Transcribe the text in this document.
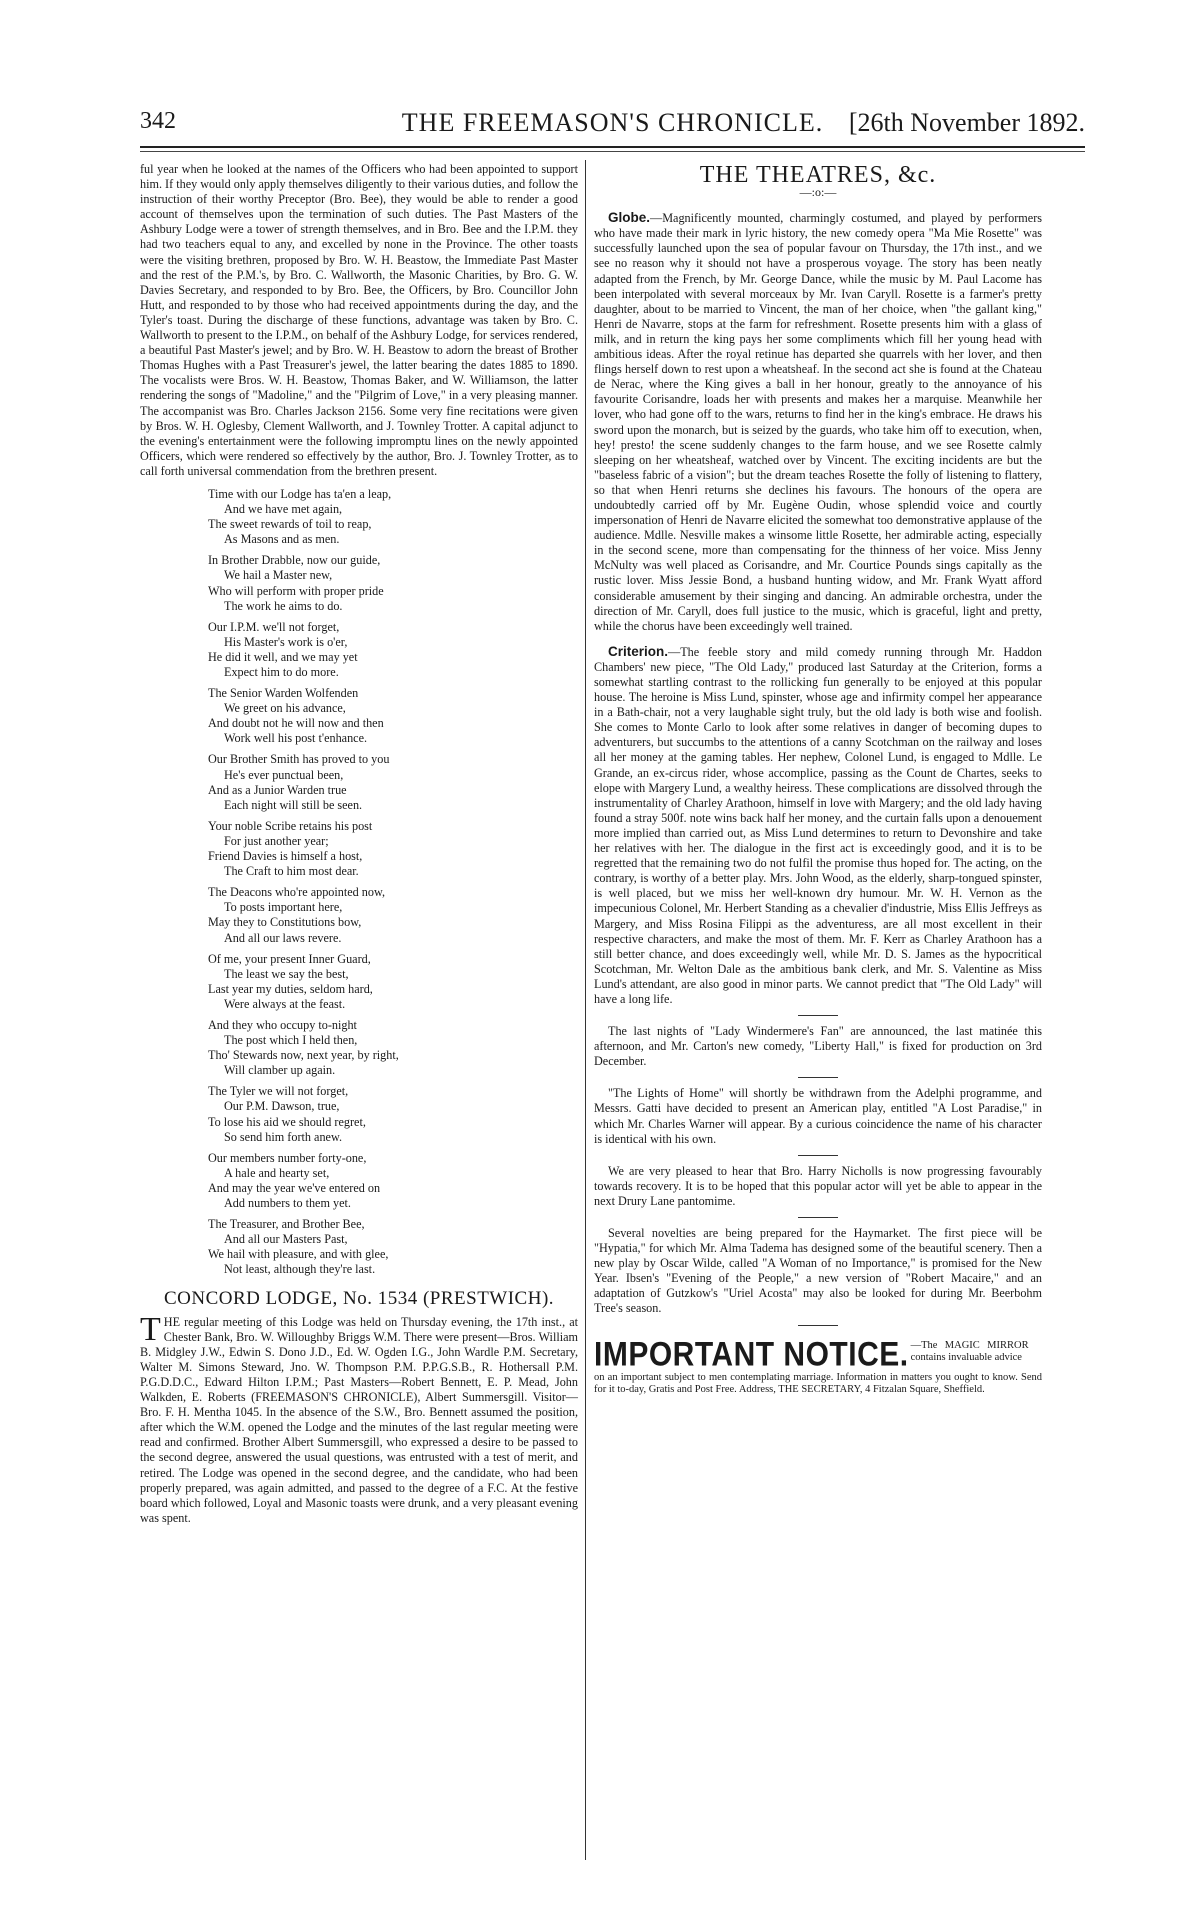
342	THE FREEMASON'S CHRONICLE. [26th November 1892.

ful year when he looked at the names of the Officers who had been appointed to support him. If they would only apply themselves diligently to their various duties, and follow the instruction of their worthy Preceptor (Bro. Bee), they would be able to render a good account of themselves upon the termination of such duties. The Past Masters of the Ashbury Lodge were a tower of strength themselves, and in Bro. Bee and the I.P.M. they had two teachers equal to any, and excelled by none in the Province. The other toasts were the visiting brethren, proposed by Bro. W. H. Beastow, the Immediate Past Master and the rest of the P.M.'s, by Bro. C. Wallworth, the Masonic Charities, by Bro. G. W. Davies Secretary, and responded to by Bro. Bee, the Officers, by Bro. Councillor John Hutt, and responded to by those who had received appointments during the day, and the Tyler's toast. During the discharge of these functions, advantage was taken by Bro. C. Wallworth to present to the I.P.M., on behalf of the Ashbury Lodge, for services rendered, a beautiful Past Master's jewel; and by Bro. W. H. Beastow to adorn the breast of Brother Thomas Hughes with a Past Treasurer's jewel, the latter bearing the dates 1885 to 1890. The vocalists were Bros. W. H. Beastow, Thomas Baker, and W. Williamson, the latter rendering the songs of "Madoline," and the "Pilgrim of Love," in a very pleasing manner. The accompanist was Bro. Charles Jackson 2156. Some very fine recitations were given by Bros. W. H. Oglesby, Clement Wallworth, and J. Townley Trotter. A capital adjunct to the evening's entertainment were the following impromptu lines on the newly appointed Officers, which were rendered so effectively by the author, Bro. J. Townley Trotter, as to call forth universal commendation from the brethren present.

Time with our Lodge has ta'en a leap,
And we have met again,
The sweet rewards of toil to reap,
As Masons and as men.
In Brother Drabble, now our guide,
We hail a Master new,
Who will perform with proper pride
The work he aims to do.
Our I.P.M. we'll not forget,
His Master's work is o'er,
He did it well, and we may yet
Expect him to do more.
The Senior Warden Wolfenden
We greet on his advance,
And doubt not he will now and then
Work well his post t'enhance.
Our Brother Smith has proved to you
He's ever punctual been,
And as a Junior Warden true
Each night will still be seen.
Your noble Scribe retains his post
For just another year;
Friend Davies is himself a host,
The Craft to him most dear.
The Deacons who're appointed now,
To posts important here,
May they to Constitutions bow,
And all our laws revere.
Of me, your present Inner Guard,
The least we say the best,
Last year my duties, seldom hard,
Were always at the feast.
And they who occupy to-night
The post which I held then,
Tho' Stewards now, next year, by right,
Will clamber up again.
The Tyler we will not forget,
Our P.M. Dawson, true,
To lose his aid we should regret,
So send him forth anew.
Our members number forty-one,
A hale and hearty set,
And may the year we've entered on
Add numbers to them yet.
The Treasurer, and Brother Bee,
And all our Masters Past,
We hail with pleasure, and with glee,
Not least, although they're last.
CONCORD LODGE, No. 1534 (PRESTWICH).

THE regular meeting of this Lodge was held on Thursday evening, the 17th inst., at Chester Bank, Bro. W. Willoughby Briggs W.M. There were present—Bros. William B. Midgley J.W., Edwin S. Dono J.D., Ed. W. Ogden I.G., John Wardle P.M. Secretary, Walter M. Simons Steward, Jno. W. Thompson P.M. P.P.G.S.B., R. Hothersall P.M. P.G.D.D.C., Edward Hilton I.P.M.; Past Masters—Robert Bennett, E. P. Mead, John Walkden, E. Roberts (FREEMASON'S CHRONICLE), Albert Summersgill. Visitor—Bro. F. H. Mentha 1045. In the absence of the S.W., Bro. Bennett assumed the position, after which the W.M. opened the Lodge and the minutes of the last regular meeting were read and confirmed. Brother Albert Summersgill, who expressed a desire to be passed to the second degree, answered the usual questions, was entrusted with a test of merit, and retired. The Lodge was opened in the second degree, and the candidate, who had been properly prepared, was again admitted, and passed to the degree of a F.C. At the festive board which followed, Loyal and Masonic toasts were drunk, and a very pleasant evening was spent.

THE THEATRES, &c.
—:o:—

Globe.—Magnificently mounted, charmingly costumed, and played by performers who have made their mark in lyric history, the new comedy opera "Ma Mie Rosette" was successfully launched upon the sea of popular favour on Thursday, the 17th inst., and we see no reason why it should not have a prosperous voyage. The story has been neatly adapted from the French, by Mr. George Dance, while the music by M. Paul Lacome has been interpolated with several morceaux by Mr. Ivan Caryll. Rosette is a farmer's pretty daughter, about to be married to Vincent, the man of her choice, when "the gallant king," Henri de Navarre, stops at the farm for refreshment. Rosette presents him with a glass of milk, and in return the king pays her some compliments which fill her young head with ambitious ideas. After the royal retinue has departed she quarrels with her lover, and then flings herself down to rest upon a wheatsheaf. In the second act she is found at the Chateau de Nerac, where the King gives a ball in her honour, greatly to the annoyance of his favourite Corisandre, loads her with presents and makes her a marquise. Meanwhile her lover, who had gone off to the wars, returns to find her in the king's embrace. He draws his sword upon the monarch, but is seized by the guards, who take him off to execution, when, hey! presto! the scene suddenly changes to the farm house, and we see Rosette calmly sleeping on her wheatsheaf, watched over by Vincent. The exciting incidents are but the "baseless fabric of a vision"; but the dream teaches Rosette the folly of listening to flattery, so that when Henri returns she declines his favours. The honours of the opera are undoubtedly carried off by Mr. Eugène Oudin, whose splendid voice and courtly impersonation of Henri de Navarre elicited the somewhat too demonstrative applause of the audience. Mdlle. Nesville makes a winsome little Rosette, her admirable acting, especially in the second scene, more than compensating for the thinness of her voice. Miss Jenny McNulty was well placed as Corisandre, and Mr. Courtice Pounds sings capitally as the rustic lover. Miss Jessie Bond, a husband hunting widow, and Mr. Frank Wyatt afford considerable amusement by their singing and dancing. An admirable orchestra, under the direction of Mr. Caryll, does full justice to the music, which is graceful, light and pretty, while the chorus have been exceedingly well trained.

Criterion.—The feeble story and mild comedy running through Mr. Haddon Chambers' new piece, "The Old Lady," produced last Saturday at the Criterion, forms a somewhat startling contrast to the rollicking fun generally to be enjoyed at this popular house. The heroine is Miss Lund, spinster, whose age and infirmity compel her appearance in a Bath-chair, not a very laughable sight truly, but the old lady is both wise and foolish. She comes to Monte Carlo to look after some relatives in danger of becoming dupes to adventurers, but succumbs to the attentions of a canny Scotchman on the railway and loses all her money at the gaming tables. Her nephew, Colonel Lund, is engaged to Mdlle. Le Grande, an ex-circus rider, whose accomplice, passing as the Count de Chartes, seeks to elope with Margery Lund, a wealthy heiress. These complications are dissolved through the instrumentality of Charley Arathoon, himself in love with Margery; and the old lady having found a stray 500f. note wins back half her money, and the curtain falls upon a denouement more implied than carried out, as Miss Lund determines to return to Devonshire and take her relatives with her. The dialogue in the first act is exceedingly good, and it is to be regretted that the remaining two do not fulfil the promise thus hoped for. The acting, on the contrary, is worthy of a better play. Mrs. John Wood, as the elderly, sharp-tongued spinster, is well placed, but we miss her well-known dry humour. Mr. W. H. Vernon as the impecunious Colonel, Mr. Herbert Standing as a chevalier d'industrie, Miss Ellis Jeffreys as Margery, and Miss Rosina Filippi as the adventuress, are all most excellent in their respective characters, and make the most of them. Mr. F. Kerr as Charley Arathoon has a still better chance, and does exceedingly well, while Mr. D. S. James as the hypocritical Scotchman, Mr. Welton Dale as the ambitious bank clerk, and Mr. S. Valentine as Miss Lund's attendant, are also good in minor parts. We cannot predict that "The Old Lady" will have a long life.

The last nights of "Lady Windermere's Fan" are announced, the last matinée this afternoon, and Mr. Carton's new comedy, "Liberty Hall," is fixed for production on 3rd December.

"The Lights of Home" will shortly be withdrawn from the Adelphi programme, and Messrs. Gatti have decided to present an American play, entitled "A Lost Paradise," in which Mr. Charles Warner will appear. By a curious coincidence the name of his character is identical with his own.

We are very pleased to hear that Bro. Harry Nicholls is now progressing favourably towards recovery. It is to be hoped that this popular actor will yet be able to appear in the next Drury Lane pantomime.

Several novelties are being prepared for the Haymarket. The first piece will be "Hypatia," for which Mr. Alma Tadema has designed some of the beautiful scenery. Then a new play by Oscar Wilde, called "A Woman of no Importance," is promised for the New Year. Ibsen's "Evening of the People," a new version of "Robert Macaire," and an adaptation of Gutzkow's "Uriel Acosta" may also be looked for during Mr. Beerbohm Tree's season.

IMPORTANT NOTICE. —The MAGIC MIRROR contains invaluable advice

on an important subject to men contemplating marriage. Information in matters you ought to know. Send for it to-day, Gratis and Post Free. Address, THE SECRETARY, 4 Fitzalan Square, Sheffield.
